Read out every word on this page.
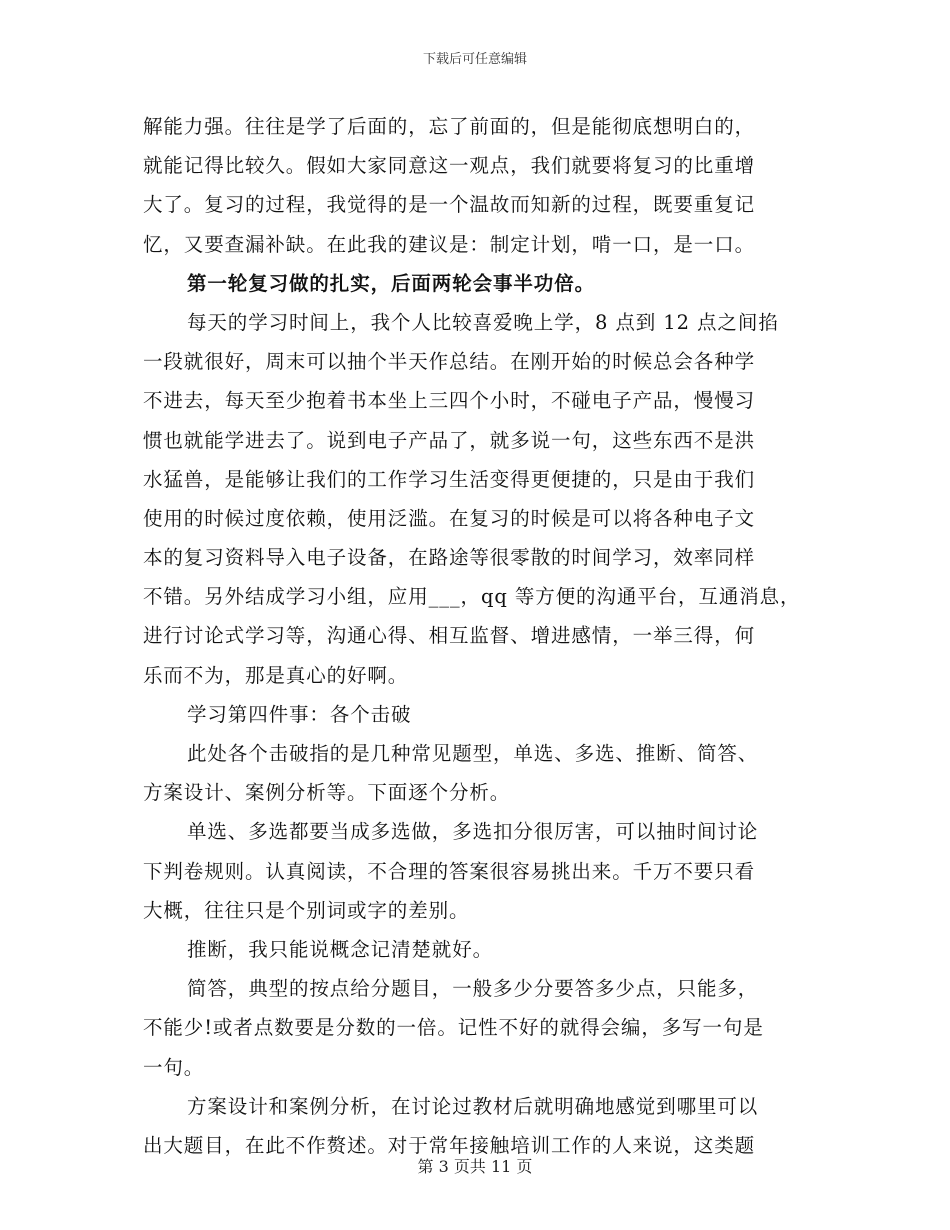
下载后可任意编辑
解能力强。往往是学了后面的，忘了前面的，但是能彻底想明白的，
就能记得比较久。假如大家同意这一观点，我们就要将复习的比重增
大了。复习的过程，我觉得的是一个温故而知新的过程，既要重复记
忆，又要查漏补缺。在此我的建议是：制定计划，啃一口，是一口。
第一轮复习做的扎实，后面两轮会事半功倍。
每天的学习时间上，我个人比较喜爱晚上学，8 点到 12 点之间掐
一段就很好，周末可以抽个半天作总结。在刚开始的时候总会各种学
不进去，每天至少抱着书本坐上三四个小时，不碰电子产品，慢慢习
惯也就能学进去了。说到电子产品了，就多说一句，这些东西不是洪
水猛兽，是能够让我们的工作学习生活变得更便捷的，只是由于我们
使用的时候过度依赖，使用泛滥。在复习的时候是可以将各种电子文
本的复习资料导入电子设备，在路途等很零散的时间学习，效率同样
不错。另外结成学习小组，应用___，qq 等方便的沟通平台，互通消息，
进行讨论式学习等，沟通心得、相互监督、增进感情，一举三得，何
乐而不为，那是真心的好啊。
学习第四件事：各个击破
此处各个击破指的是几种常见题型，单选、多选、推断、简答、
方案设计、案例分析等。下面逐个分析。
单选、多选都要当成多选做，多选扣分很厉害，可以抽时间讨论
下判卷规则。认真阅读，不合理的答案很容易挑出来。千万不要只看
大概，往往只是个别词或字的差别。
推断，我只能说概念记清楚就好。
简答，典型的按点给分题目，一般多少分要答多少点，只能多，
不能少!或者点数要是分数的一倍。记性不好的就得会编，多写一句是
一句。
方案设计和案例分析，在讨论过教材后就明确地感觉到哪里可以
出大题目，在此不作赘述。对于常年接触培训工作的人来说，这类题
第 3 页共 11 页
